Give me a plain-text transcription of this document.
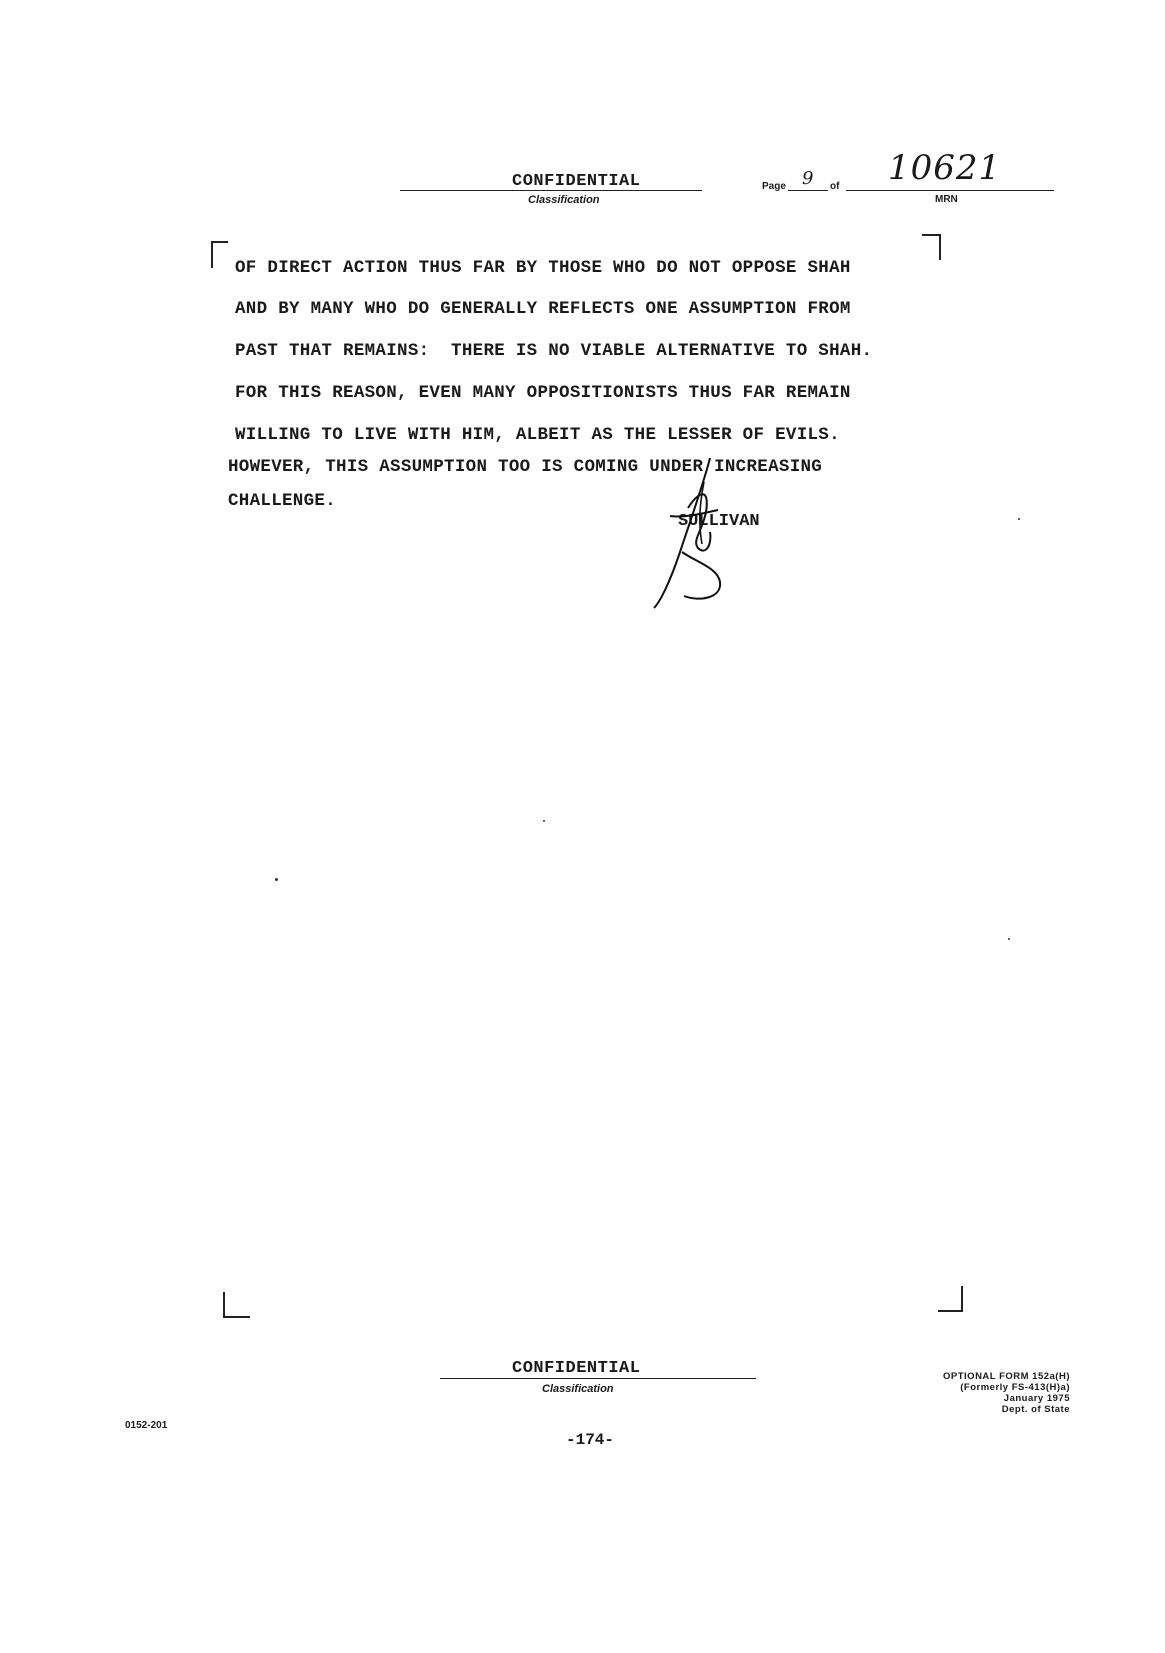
CONFIDENTIAL
Classification
Page 9 of 10621
MRN
OF DIRECT ACTION THUS FAR BY THOSE WHO DO NOT OPPOSE SHAH
AND BY MANY WHO DO GENERALLY REFLECTS ONE ASSUMPTION FROM
PAST THAT REMAINS:  THERE IS NO VIABLE ALTERNATIVE TO SHAH.
FOR THIS REASON, EVEN MANY OPPOSITIONISTS THUS FAR REMAIN
WILLING TO LIVE WITH HIM, ALBEIT AS THE LESSER OF EVILS.
HOWEVER, THIS ASSUMPTION TOO IS COMING UNDER INCREASING
CHALLENGE.
SULLIVAN
CONFIDENTIAL
Classification
-174-
0152-201
OPTIONAL FORM 152a(H)
(Formerly FS-413(H)a)
January 1975
Dept. of State
